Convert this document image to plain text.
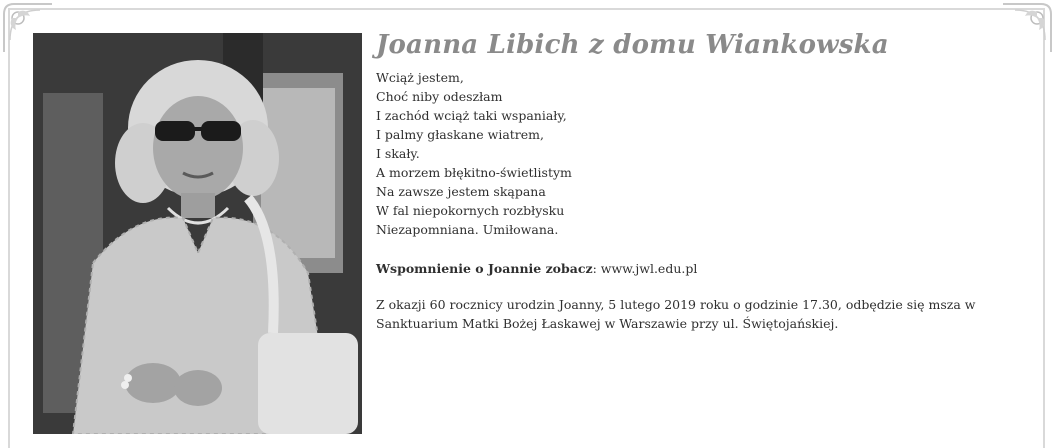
Joanna Libich z domu Wiankowska

Wciąż jestem,

Choć niby odeszłam

I zachód wciąż taki wspaniały,

I palmy głaskane wiatrem,

I skały.

A morzem błękitno-świetlistym

Na zawsze jestem skąpana

W fal niepokornych rozbłysku

Niezapomniana. Umiłowana.

Wspomnienie o Joannie zobacz: www.jwl.edu.pl
Z okazji 60 rocznicy urodzin Joanny, 5 lutego 2019 roku o godzinie 17.30, odbędzie się msza w Sanktuarium Matki Bożej Łaskawej w Warszawie przy ul. Świętojańskiej.
